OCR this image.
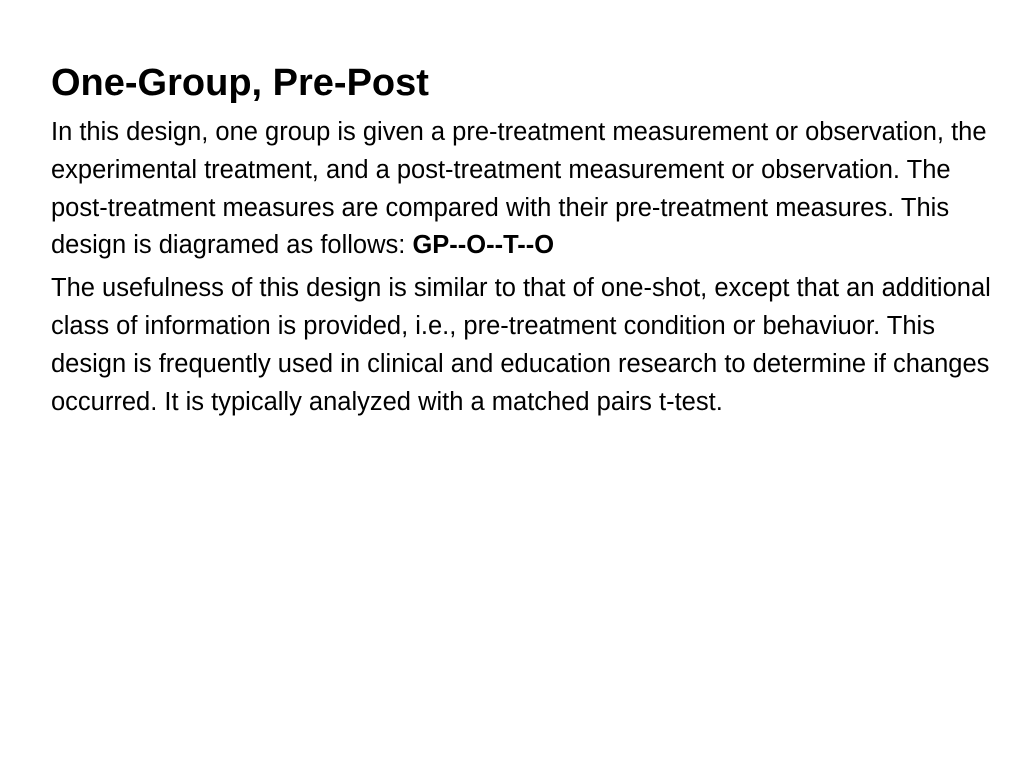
One-Group, Pre-Post

In this design, one group is given a pre-treatment measurement or observation, the experimental treatment, and a post-treatment measurement or observation. The post-treatment measures are compared with their pre-treatment measures. This design is diagramed as follows: GP--O--T--O

The usefulness of this design is similar to that of one-shot, except that an additional class of information is provided, i.e., pre-treatment condition or behaviuor. This design is frequently used in clinical and education research to determine if changes occurred. It is typically analyzed with a matched pairs t-test.
